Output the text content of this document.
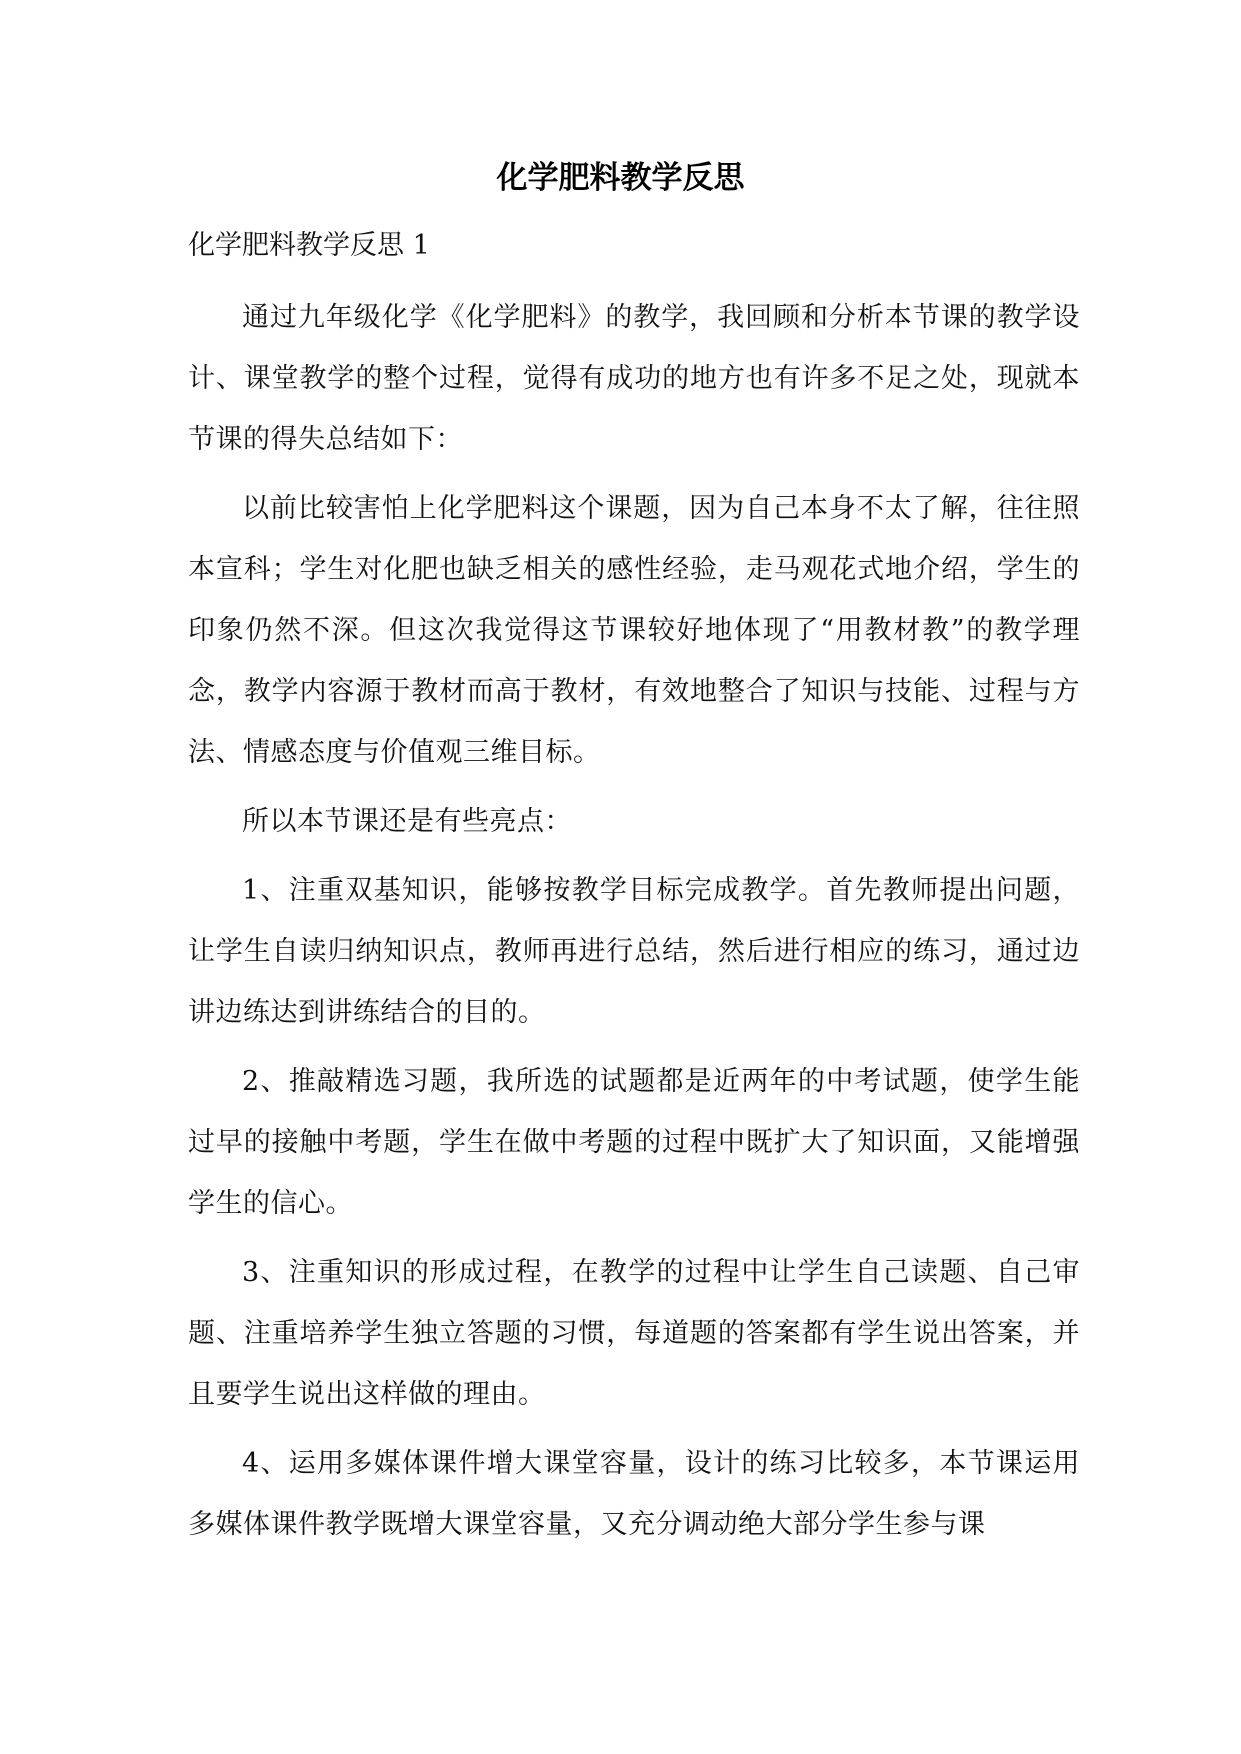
化学肥料教学反思

化学肥料教学反思 1

通过九年级化学《化学肥料》的教学，我回顾和分析本节课的教学设计、课堂教学的整个过程，觉得有成功的地方也有许多不足之处，现就本节课的得失总结如下：

以前比较害怕上化学肥料这个课题，因为自己本身不太了解，往往照本宣科；学生对化肥也缺乏相关的感性经验，走马观花式地介绍，学生的印象仍然不深。但这次我觉得这节课较好地体现了“用教材教”的教学理念，教学内容源于教材而高于教材，有效地整合了知识与技能、过程与方法、情感态度与价值观三维目标。

所以本节课还是有些亮点：

1、注重双基知识，能够按教学目标完成教学。首先教师提出问题，让学生自读归纳知识点，教师再进行总结，然后进行相应的练习，通过边讲边练达到讲练结合的目的。

2、推敲精选习题，我所选的试题都是近两年的中考试题，使学生能过早的接触中考题，学生在做中考题的过程中既扩大了知识面，又能增强学生的信心。

3、注重知识的形成过程，在教学的过程中让学生自己读题、自己审题、注重培养学生独立答题的习惯，每道题的答案都有学生说出答案，并且要学生说出这样做的理由。

4、运用多媒体课件增大课堂容量，设计的练习比较多，本节课运用多媒体课件教学既增大课堂容量，又充分调动绝大部分学生参与课
